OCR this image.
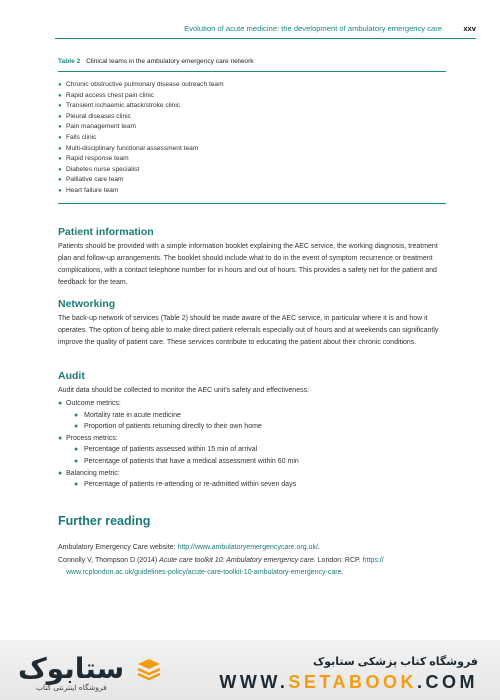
Evolution of acute medicine: the development of ambulatory emergency care	xxv
Table 2 Clinical teams in the ambulatory emergency care network
● Chronic obstructive pulmonary disease outreach team
● Rapid access chest pain clinic
● Transient ischaemic attack/stroke clinic
● Pleural diseases clinic
● Pain management team
● Falls clinic
● Multi-disciplinary functional assessment team
● Rapid response team
● Diabetes nurse specialist
● Palliative care team
● Heart failure team
Patient information

Patients should be provided with a simple information booklet explaining the AEC service, the working diagnosis, treatment plan and follow-up arrangements. The booklet should include what to do in the event of symptom recurrence or treatment complications, with a contact telephone number for in hours and out of hours. This provides a safety net for the patient and feedback for the team.

Networking

The back-up network of services (Table 2) should be made aware of the AEC service, in particular where it is and how it operates. The option of being able to make direct patient referrals especially out of hours and at weekends can significantly improve the quality of patient care. These services contribute to educating the patient about their chronic conditions.

Audit

Audit data should be collected to monitor the AEC unit's safety and effectiveness:

● Outcome metrics:
● Mortality rate in acute medicine
● Proportion of patients returning directly to their own home
● Process metrics:
● Percentage of patients assessed within 15 min of arrival
● Percentage of patients that have a medical assessment within 60 min
● Balancing metric:
● Percentage of patients re-attending or re-admitted within seven days
Further reading
Ambulatory Emergency Care website: http://www.ambulatoryemergencycare.org.uk/.
Connolly V, Thompson D (2014) Acute care toolkit 10: Ambulatory emergency care. London: RCP. https://
www.rcplondon.ac.uk/guidelines-policy/acute-care-toolkit-10-ambulatory-emergency-care.
ستابوک
فروشگاه اینترنتی کتاب
فروشگاه کتاب پزشکی ستابوک
WWW.SETABOOK.COM
